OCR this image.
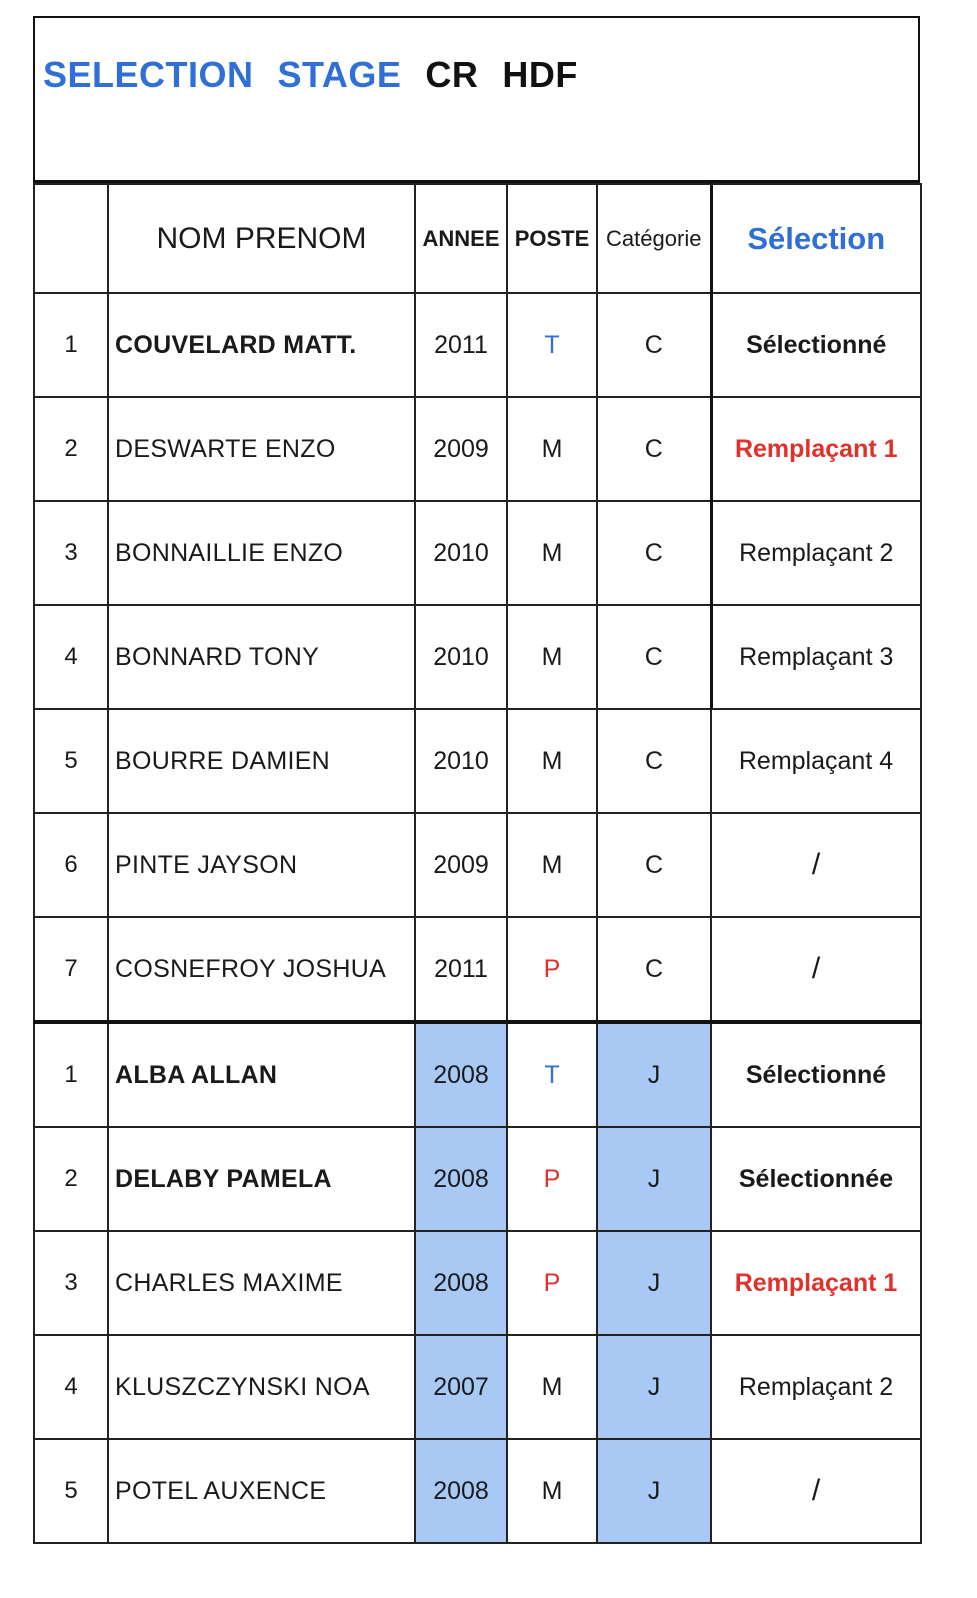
SELECTION STAGE CR HDF
	NOM PRENOM	ANNEE	POSTE	Catégorie	Sélection
1	COUVELARD MATT.	2011	T	C	Sélectionné
2	DESWARTE ENZO	2009	M	C	Remplaçant 1
3	BONNAILLIE ENZO	2010	M	C	Remplaçant 2
4	BONNARD TONY	2010	M	C	Remplaçant 3
5	BOURRE DAMIEN	2010	M	C	Remplaçant 4
6	PINTE JAYSON	2009	M	C	/
7	COSNEFROY JOSHUA	2011	P	C	/
1	ALBA ALLAN	2008	T	J	Sélectionné
2	DELABY PAMELA	2008	P	J	Sélectionnée
3	CHARLES MAXIME	2008	P	J	Remplaçant 1
4	KLUSZCZYNSKI NOA	2007	M	J	Remplaçant 2
5	POTEL AUXENCE	2008	M	J	/
